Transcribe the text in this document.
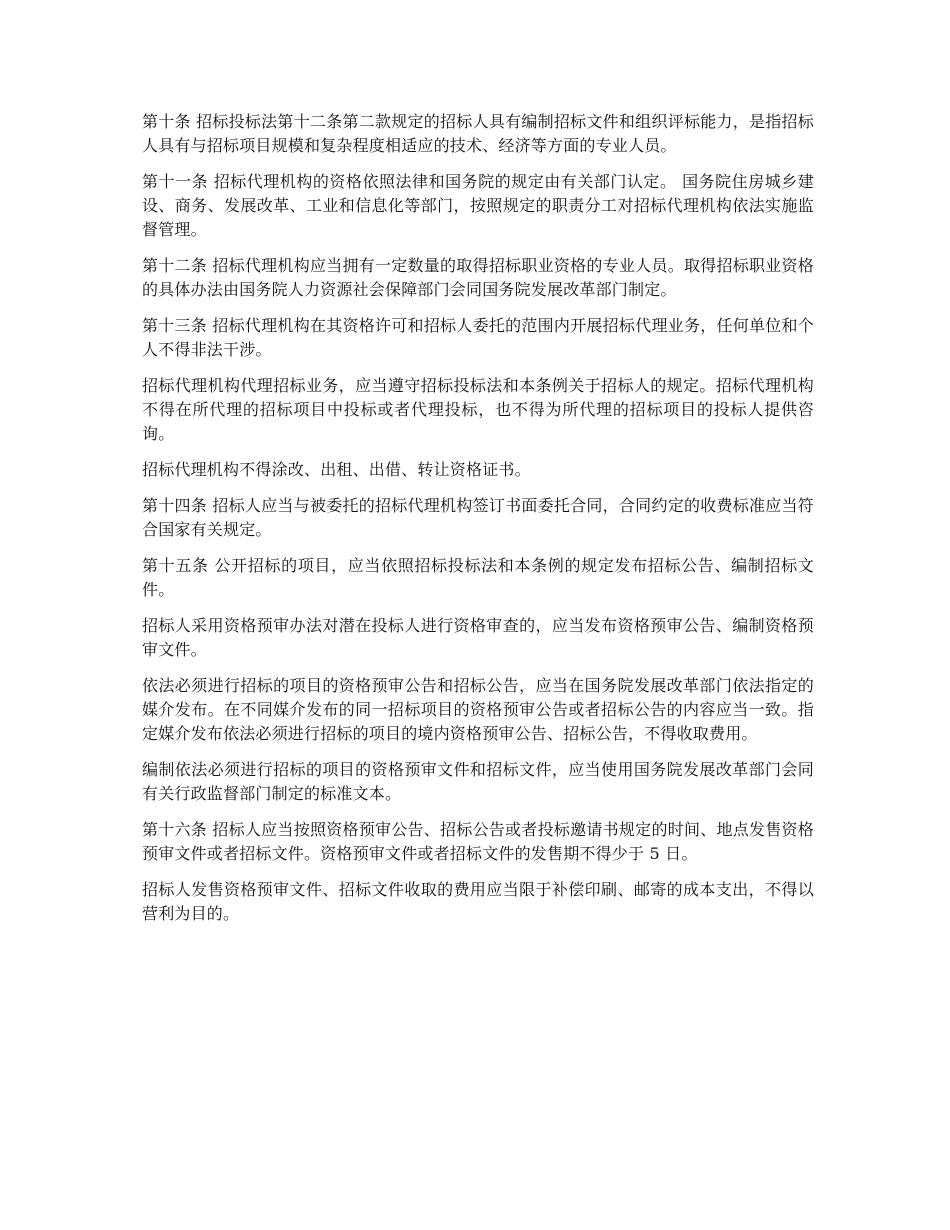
第十条 招标投标法第十二条第二款规定的招标人具有编制招标文件和组织评标能力，是指招标人具有与招标项目规模和复杂程度相适应的技术、经济等方面的专业人员。

第十一条 招标代理机构的资格依照法律和国务院的规定由有关部门认定。 国务院住房城乡建设、商务、发展改革、工业和信息化等部门，按照规定的职责分工对招标代理机构依法实施监督管理。

第十二条 招标代理机构应当拥有一定数量的取得招标职业资格的专业人员。取得招标职业资格的具体办法由国务院人力资源社会保障部门会同国务院发展改革部门制定。

第十三条 招标代理机构在其资格许可和招标人委托的范围内开展招标代理业务，任何单位和个人不得非法干涉。

招标代理机构代理招标业务，应当遵守招标投标法和本条例关于招标人的规定。招标代理机构不得在所代理的招标项目中投标或者代理投标，也不得为所代理的招标项目的投标人提供咨询。

招标代理机构不得涂改、出租、出借、转让资格证书。

第十四条 招标人应当与被委托的招标代理机构签订书面委托合同，合同约定的收费标准应当符合国家有关规定。

第十五条 公开招标的项目，应当依照招标投标法和本条例的规定发布招标公告、编制招标文件。

招标人采用资格预审办法对潜在投标人进行资格审查的，应当发布资格预审公告、编制资格预审文件。

依法必须进行招标的项目的资格预审公告和招标公告，应当在国务院发展改革部门依法指定的媒介发布。在不同媒介发布的同一招标项目的资格预审公告或者招标公告的内容应当一致。指定媒介发布依法必须进行招标的项目的境内资格预审公告、招标公告，不得收取费用。

编制依法必须进行招标的项目的资格预审文件和招标文件，应当使用国务院发展改革部门会同有关行政监督部门制定的标准文本。

第十六条 招标人应当按照资格预审公告、招标公告或者投标邀请书规定的时间、地点发售资格预审文件或者招标文件。资格预审文件或者招标文件的发售期不得少于 5 日。

招标人发售资格预审文件、招标文件收取的费用应当限于补偿印刷、邮寄的成本支出，不得以营利为目的。
